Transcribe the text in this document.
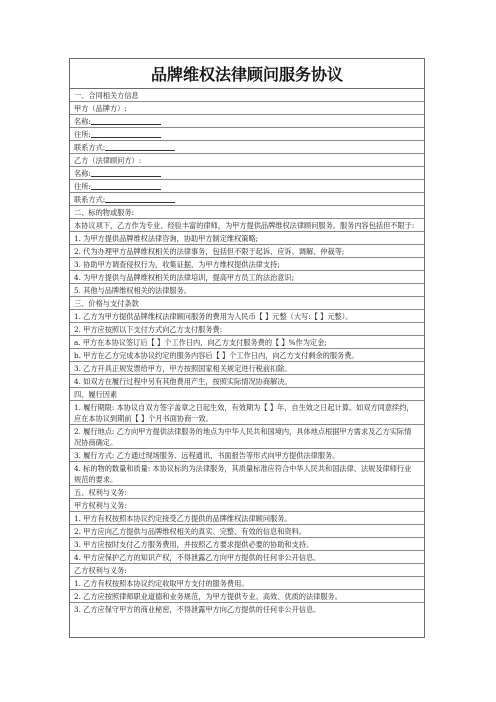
品牌维权法律顾问服务协议
一、合同相关方信息
甲方（品牌方）:
名称:
住所:
联系方式:
乙方（法律顾问方）:
名称:
住所:
联系方式:
二、标的物或服务:
本协议项下，乙方作为专业、经验丰富的律师，为甲方提供品牌维权法律顾问服务。服务内容包括但不限于:
1. 为甲方提供品牌维权法律咨询，协助甲方制定维权策略;
2. 代为办理甲方品牌维权相关的法律事务，包括但不限于起诉、应诉、调解、仲裁等;
3. 协助甲方调查侵权行为，收集证据，为甲方维权提供法律支持;
4. 为甲方提供与品牌维权相关的法律培训，提高甲方员工的法治意识;
5. 其他与品牌维权相关的法律服务。
三、价格与支付条款
1. 乙方为甲方提供品牌维权法律顾问服务的费用为人民币【 】元整（大写:【 】元整）。
2. 甲方应按照以下支付方式向乙方支付服务费:
a. 甲方在本协议签订后【 】个工作日内，向乙方支付服务费的【 】%作为定金;
b. 甲方在乙方完成本协议约定的服务内容后【 】个工作日内，向乙方支付剩余的服务费。
3. 乙方开具正规发票给甲方，甲方按照国家相关规定进行税前扣除。
4. 如双方在履行过程中另有其他费用产生，按照实际情况协商解决。
四、履行因素
1. 履行期限: 本协议自双方签字盖章之日起生效，有效期为【 】年，自生效之日起计算。如双方同意续约，应在本协议到期前【 】个月书面协商一致。
2. 履行地点: 乙方向甲方提供法律服务的地点为中华人民共和国境内，具体地点根据甲方需求及乙方实际情况协商确定。
3. 履行方式: 乙方通过现场服务、远程通讯、书面报告等形式向甲方提供法律服务。
4. 标的物的数量和质量: 本协议标的为法律服务，其质量标准应符合中华人民共和国法律、法规及律师行业规范的要求。
五、权利与义务:
甲方权利与义务:
1. 甲方有权按照本协议约定接受乙方提供的品牌维权法律顾问服务。
2. 甲方应向乙方提供与品牌维权相关的真实、完整、有效的信息和资料。
3. 甲方应按时支付乙方服务费用，并按照乙方要求提供必要的协助和支持。
4. 甲方应保护乙方的知识产权，不得泄露乙方向甲方提供的任何非公开信息。
乙方权利与义务:
1. 乙方有权按照本协议约定收取甲方支付的服务费用。
2. 乙方应按照律师职业道德和业务规范，为甲方提供专业、高效、优质的法律服务。
3. 乙方应保守甲方的商业秘密，不得泄露甲方向乙方提供的任何非公开信息。
